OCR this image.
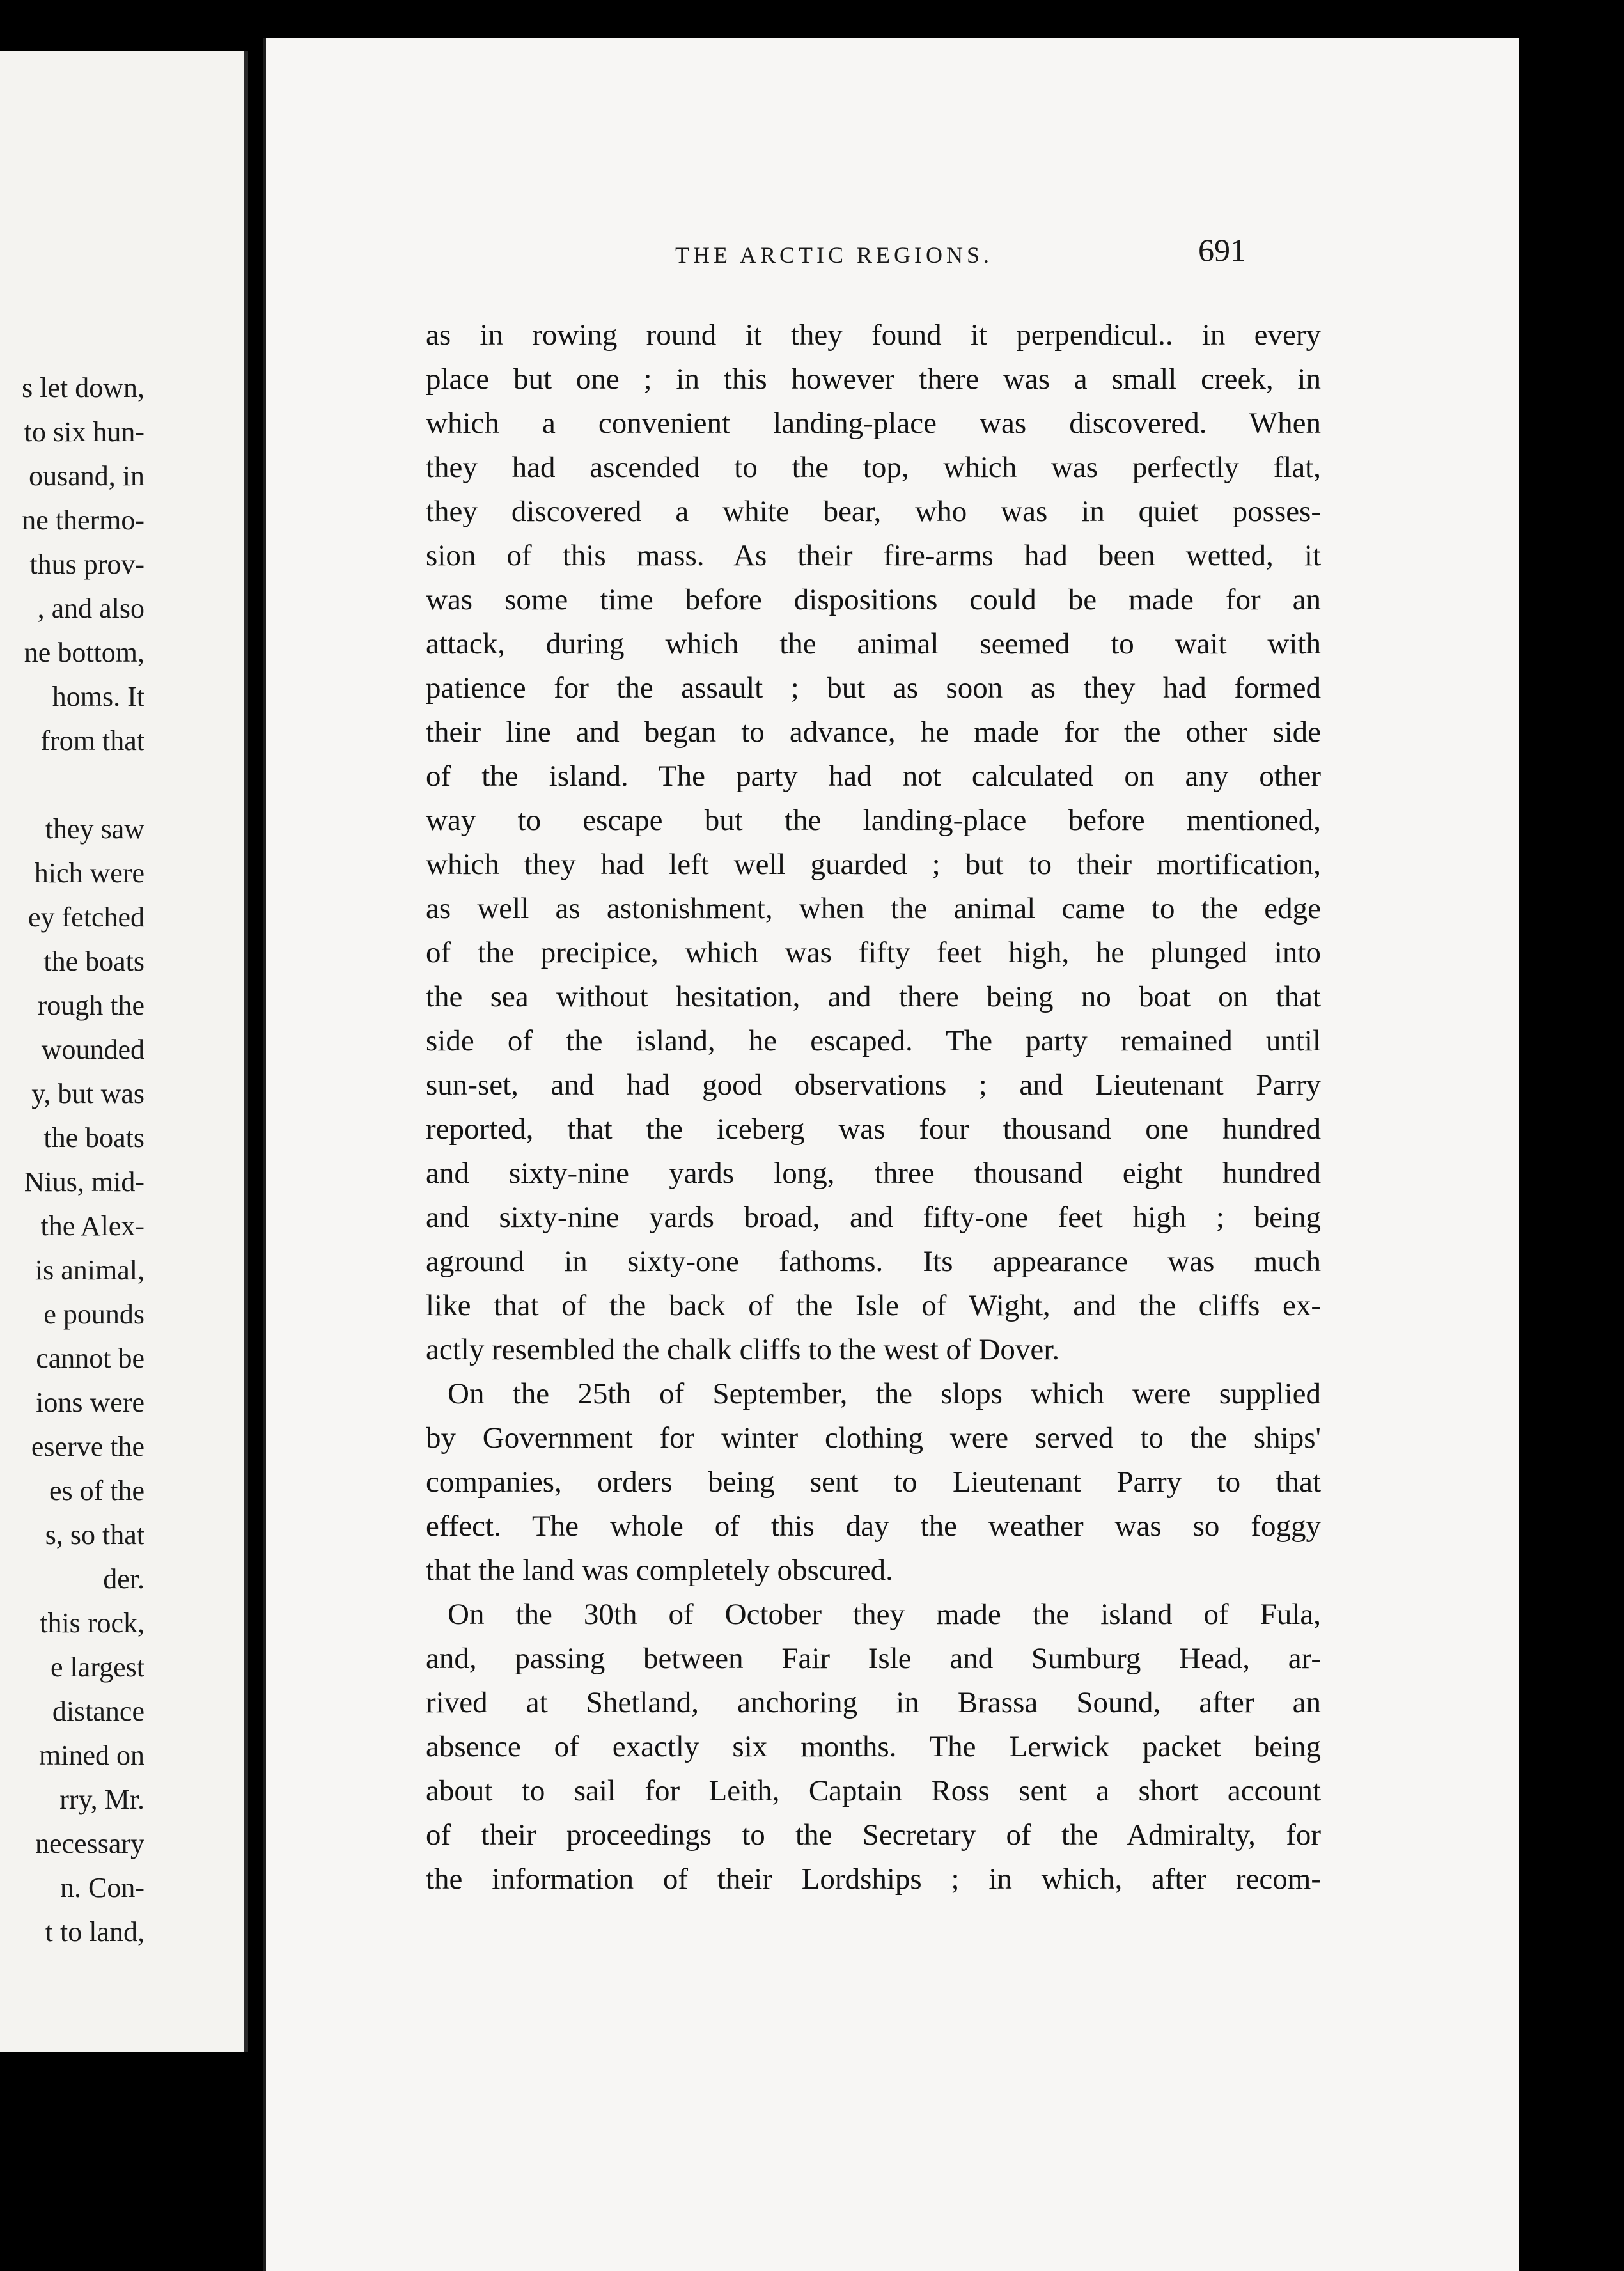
s let down,
to six hun-
ousand, in
ne thermo-
thus prov-
, and also
ne bottom,
homs. It
from that
they saw
hich were
ey fetched
the boats
rough the
wounded
y, but was
the boats
Nius, mid-
the Alex-
is animal,
e pounds
cannot be
ions were
eserve the
es of the
s, so that
der.
this rock,
e largest
distance
mined on
rry, Mr.
necessary
n. Con-
t to land,
THE ARCTIC REGIONS.	691
as in rowing round it they found it perpendicul.. in every
place but one ; in this however there was a small creek, in
which a convenient landing-place was discovered. When
they had ascended to the top, which was perfectly flat,
they discovered a white bear, who was in quiet posses-
sion of this mass. As their fire-arms had been wetted, it
was some time before dispositions could be made for an
attack, during which the animal seemed to wait with
patience for the assault ; but as soon as they had formed
their line and began to advance, he made for the other side
of the island. The party had not calculated on any other
way to escape but the landing-place before mentioned,
which they had left well guarded ; but to their mortification,
as well as astonishment, when the animal came to the edge
of the precipice, which was fifty feet high, he plunged into
the sea without hesitation, and there being no boat on that
side of the island, he escaped. The party remained until
sun-set, and had good observations ; and Lieutenant Parry
reported, that the iceberg was four thousand one hundred
and sixty-nine yards long, three thousand eight hundred
and sixty-nine yards broad, and fifty-one feet high ; being
aground in sixty-one fathoms. Its appearance was much
like that of the back of the Isle of Wight, and the cliffs ex-
actly resembled the chalk cliffs to the west of Dover.
On the 25th of September, the slops which were supplied
by Government for winter clothing were served to the ships'
companies, orders being sent to Lieutenant Parry to that
effect. The whole of this day the weather was so foggy
that the land was completely obscured.
On the 30th of October they made the island of Fula,
and, passing between Fair Isle and Sumburg Head, ar-
rived at Shetland, anchoring in Brassa Sound, after an
absence of exactly six months. The Lerwick packet being
about to sail for Leith, Captain Ross sent a short account
of their proceedings to the Secretary of the Admiralty, for
the information of their Lordships ; in which, after recom-
